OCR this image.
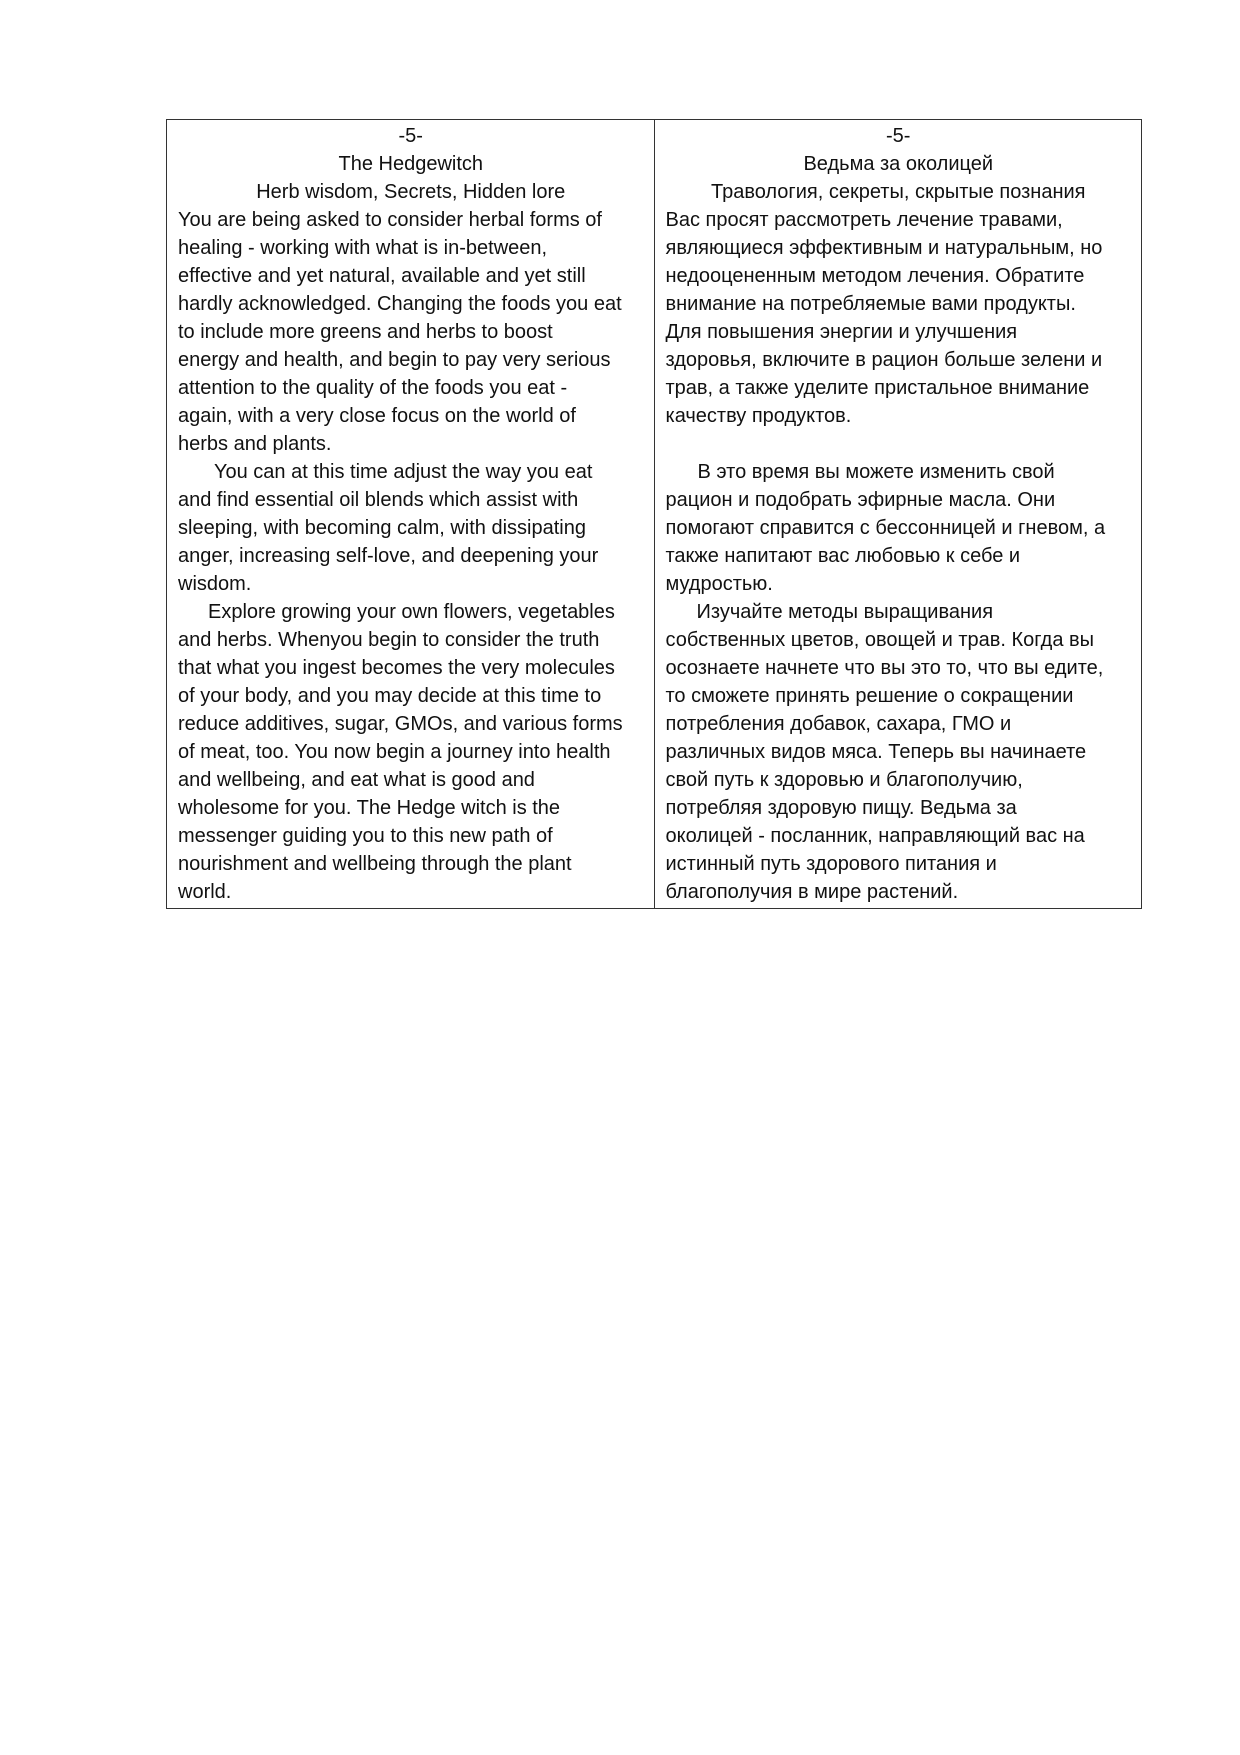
-5-
The Hedgewitch
Herb wisdom, Secrets, Hidden lore
You are being asked to consider herbal forms of
healing - working with what is in-between,
effective and yet natural, available and yet still
hardly acknowledged. Changing the foods you eat
to include more greens and herbs to boost
energy and health, and begin to pay very serious
attention to the quality of the foods you eat -
again, with a very close focus on the world of
herbs and plants.
You can at this time adjust the way you eat
and find essential oil blends which assist with
sleeping, with becoming calm, with dissipating
anger, increasing self-love, and deepening your
wisdom.
Explore growing your own flowers, vegetables
and herbs. Whenyou begin to consider the truth
that what you ingest becomes the very molecules
of your body, and you may decide at this time to
reduce additives, sugar, GMOs, and various forms
of meat, too. You now begin a journey into health
and wellbeing, and eat what is good and
wholesome for you. The Hedge witch is the
messenger guiding you to this new path of
nourishment and wellbeing through the plant
world.

-5-
Ведьма за околицей
Травология, секреты, скрытые познания
Вас просят рассмотреть лечение травами,
являющиеся эффективным и натуральным, но
недооцененным методом лечения. Обратите
внимание на потребляемые вами продукты.
Для повышения энергии и улучшения
здоровья, включите в рацион больше зелени и
трав, а также уделите пристальное внимание
качеству продуктов.
В это время вы можете изменить свой
рацион и подобрать эфирные масла. Они
помогают справится с бессонницей и гневом, а
также напитают вас любовью к себе и
мудростью.
Изучайте методы выращивания
собственных цветов, овощей и трав. Когда вы
осознаете начнете что вы это то, что вы едите,
то сможете принять решение о сокращении
потребления добавок, сахара, ГМО и
различных видов мяса. Теперь вы начинаете
свой путь к здоровью и благополучию,
потребляя здоровую пищу. Ведьма за
околицей - посланник, направляющий вас на
истинный путь здорового питания и
благополучия в мире растений.
